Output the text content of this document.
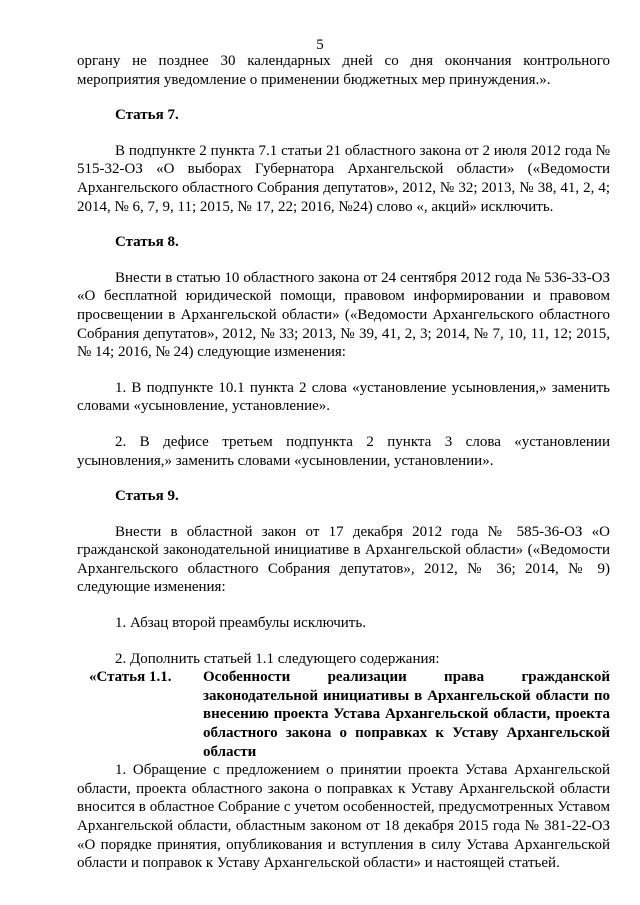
5

органу не позднее 30 календарных дней со дня окончания контрольного мероприятия уведомление о применении бюджетных мер принуждения.».

Статья 7.

В подпункте 2 пункта 7.1 статьи 21 областного закона от 2 июля 2012 года № 515-32-ОЗ «О выборах Губернатора Архангельской области» («Ведомости Архангельского областного Собрания депутатов», 2012, № 32; 2013, № 38, 41, 2, 4; 2014, № 6, 7, 9, 11; 2015, № 17, 22; 2016, №24) слово «, акций» исключить.

Статья 8.

Внести в статью 10 областного закона от 24 сентября 2012 года № 536-33-ОЗ «О бесплатной юридической помощи, правовом информировании и правовом просвещении в Архангельской области» («Ведомости Архангельского областного Собрания депутатов», 2012, № 33; 2013, № 39, 41, 2, 3; 2014, № 7, 10, 11, 12; 2015, № 14; 2016, № 24) следующие изменения:

1. В подпункте 10.1 пункта 2 слова «установление усыновления,» заменить словами «усыновление, установление».

2. В дефисе третьем подпункта 2 пункта 3 слова «установлении усыновления,» заменить словами «усыновлении, установлении».

Статья 9.

Внести в областной закон от 17 декабря 2012 года № 585-36-ОЗ «О гражданской законодательной инициативе в Архангельской области» («Ведомости Архангельского областного Собрания депутатов», 2012, № 36; 2014, № 9) следующие изменения:

1. Абзац второй преамбулы исключить.

2. Дополнить статьей 1.1 следующего содержания:

«Статья 1.1.	Особенности реализации права гражданской законодательной инициативы в Архангельской области по внесению проекта Устава Архангельской области, проекта областного закона о поправках к Уставу Архангельской области

1. Обращение с предложением о принятии проекта Устава Архангельской области, проекта областного закона о поправках к Уставу Архангельской области вносится в областное Собрание с учетом особенностей, предусмотренных Уставом Архангельской области, областным законом от 18 декабря 2015 года № 381-22-ОЗ «О порядке принятия, опубликования и вступления в силу Устава Архангельской области и поправок к Уставу Архангельской области» и настоящей статьей.
